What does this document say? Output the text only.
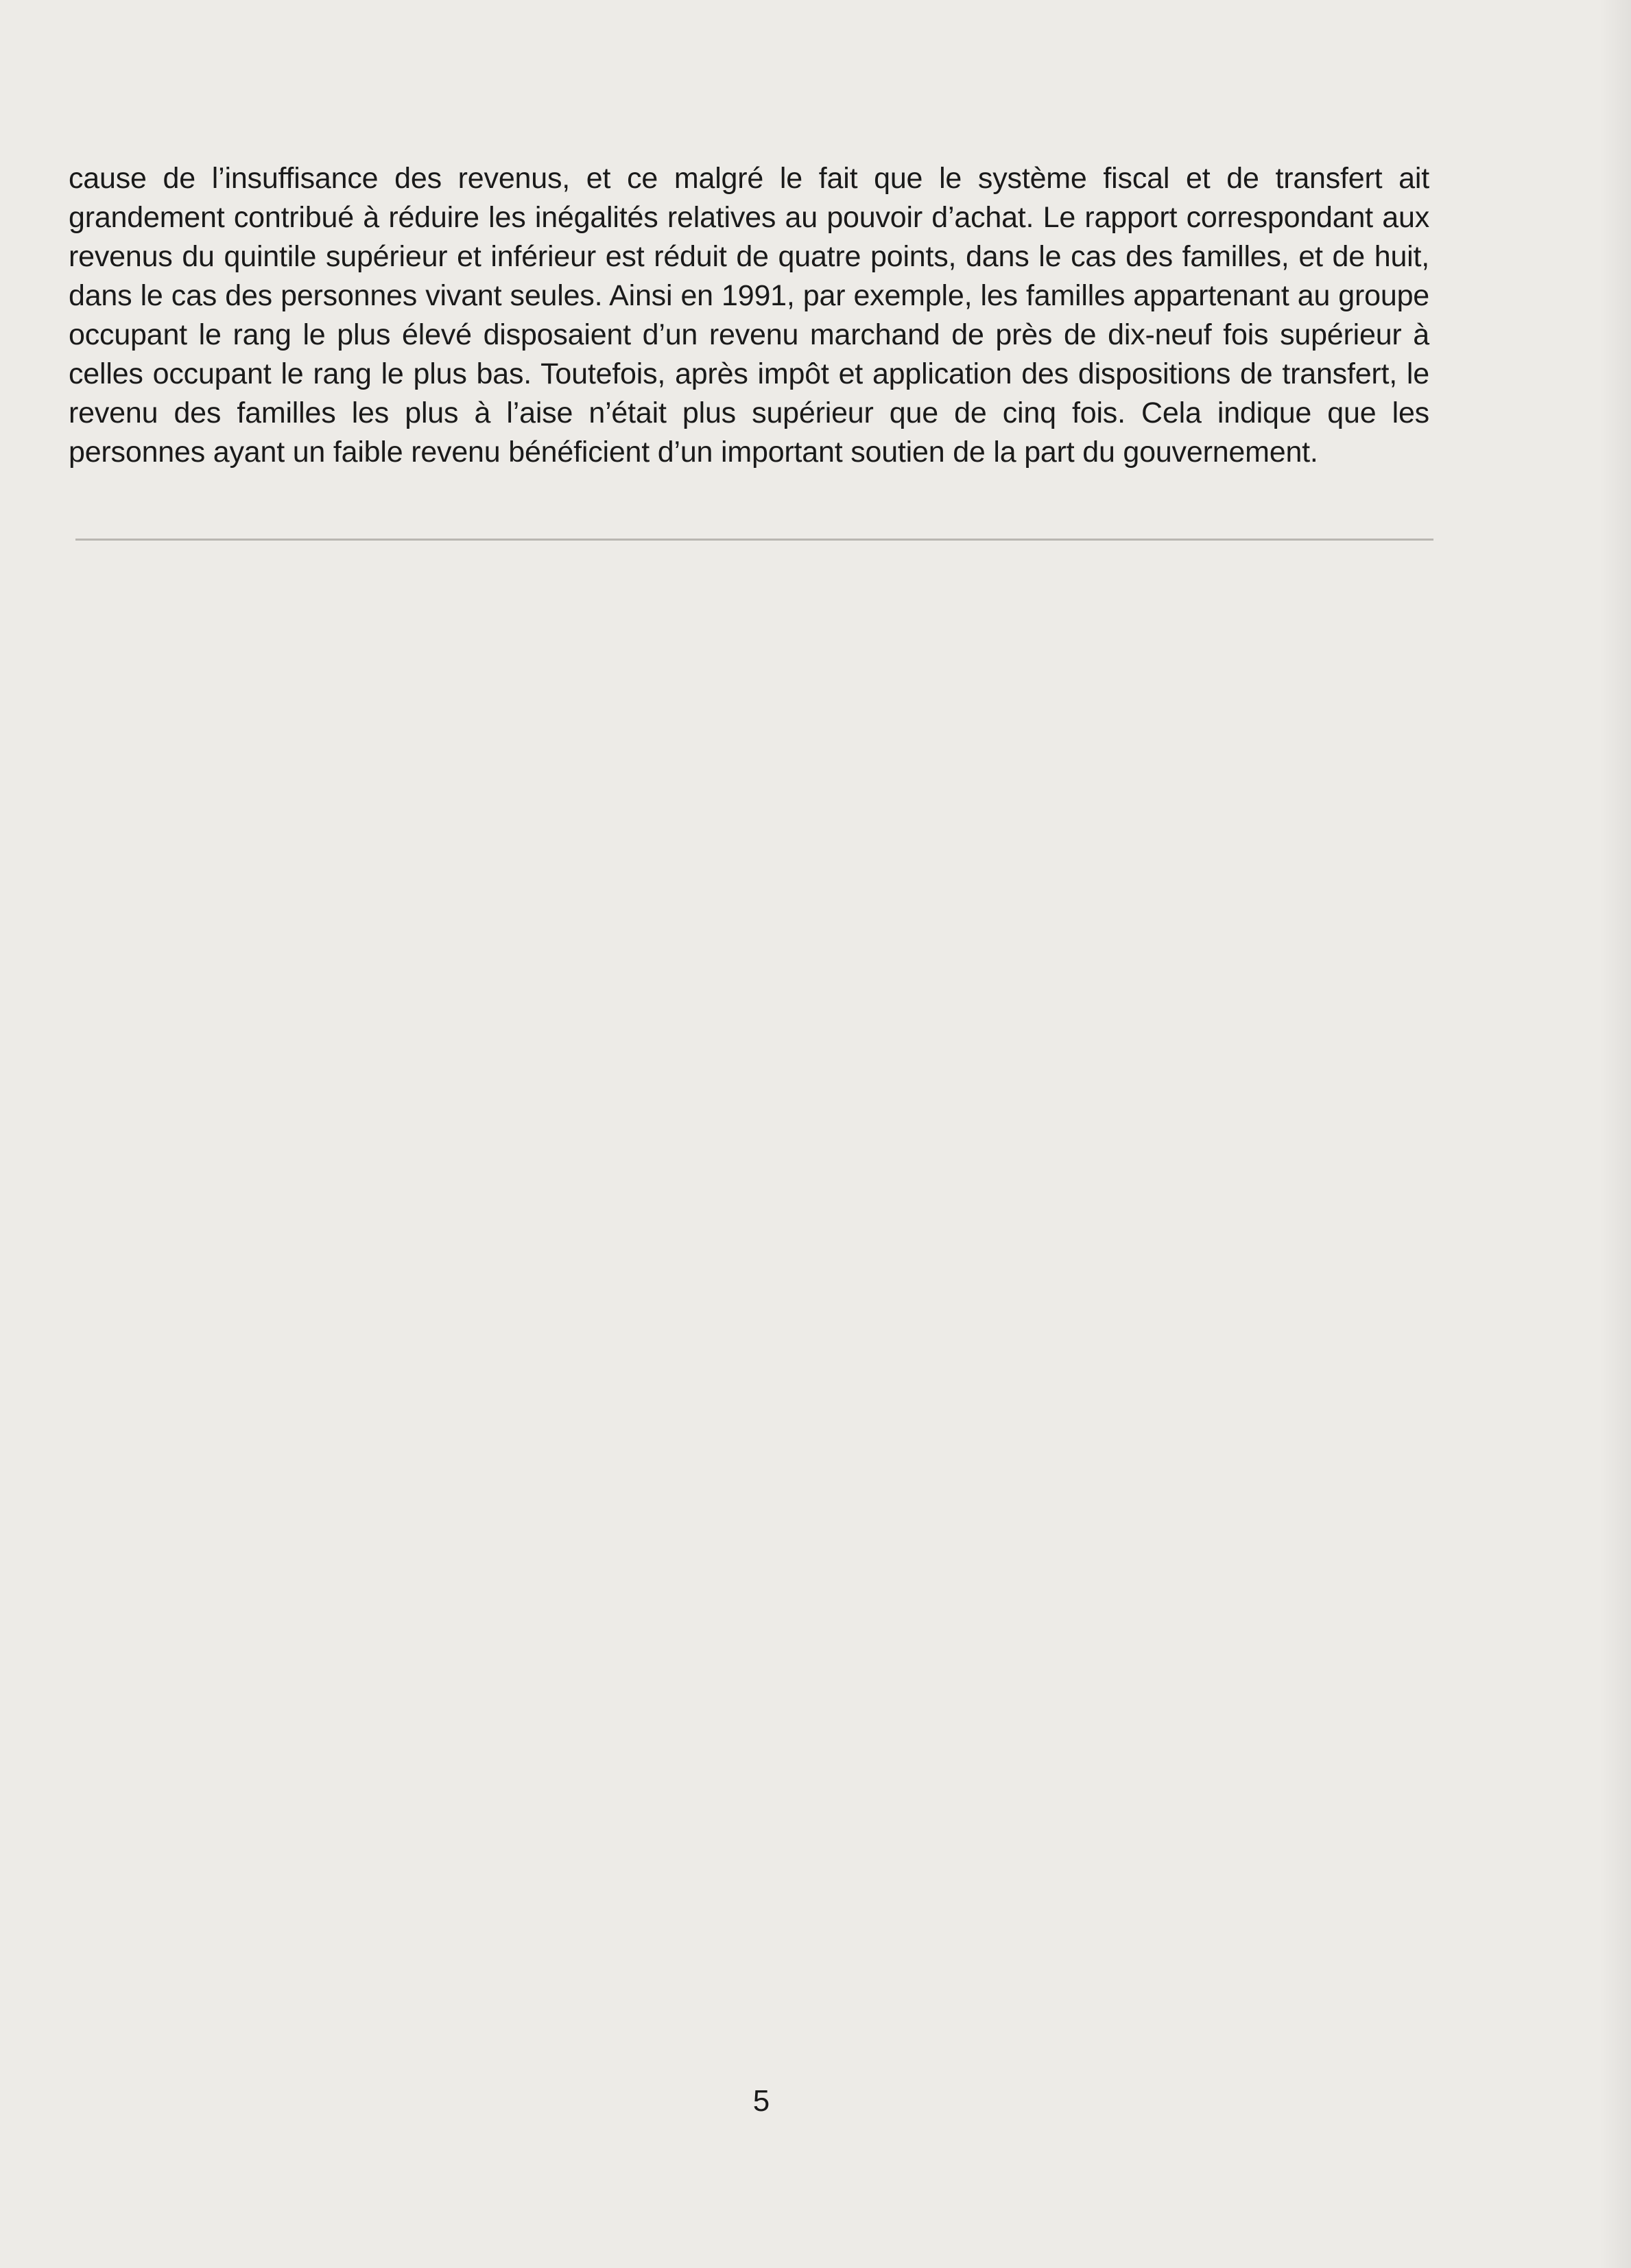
cause de l’insuffisance des revenus, et ce malgré le fait que le système fiscal et de transfert ait grandement contribué à réduire les inégalités relatives au pouvoir d’achat. Le rapport correspondant aux revenus du quintile supérieur et inférieur est réduit de quatre points, dans le cas des familles, et de huit, dans le cas des personnes vivant seules. Ainsi en 1991, par exemple, les familles appartenant au groupe occupant le rang le plus élevé disposaient d’un revenu marchand de près de dix-neuf fois supérieur à celles occupant le rang le plus bas. Toutefois, après impôt et application des dispositions de transfert, le revenu des familles les plus à l’aise n’était plus supérieur que de cinq fois. Cela indique que les personnes ayant un faible revenu bénéficient d’un important soutien de la part du gouvernement.

5
